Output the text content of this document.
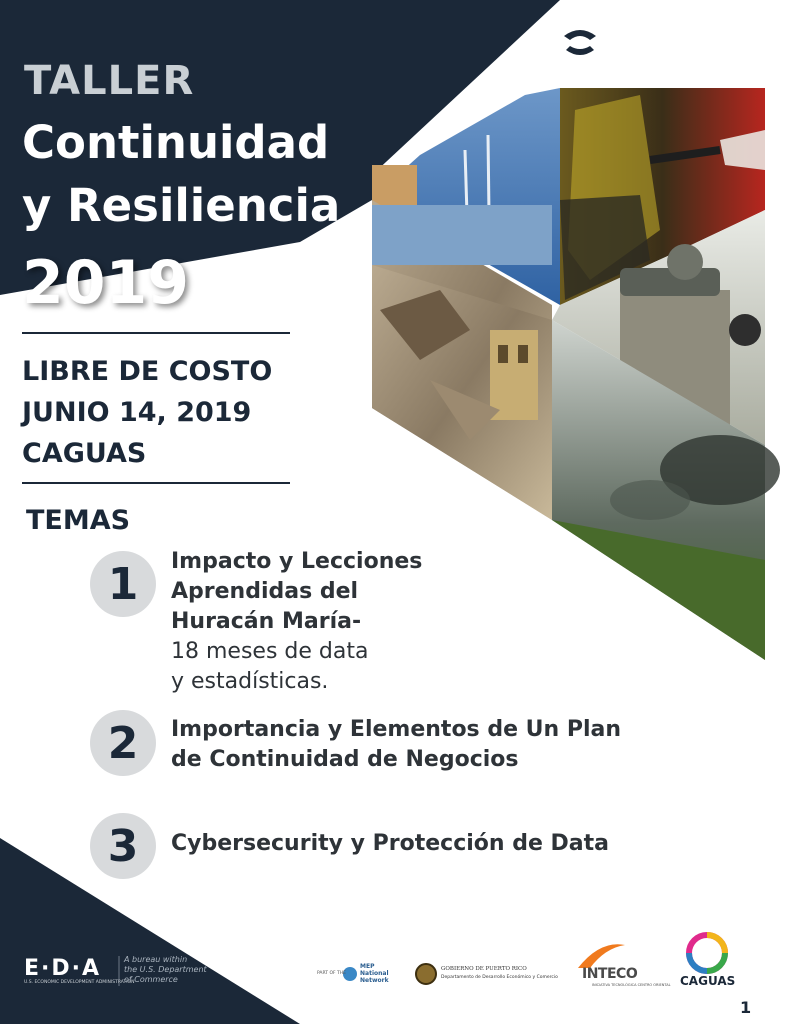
PRiMEX
PUERTO RICO MANUFACTURING EXTENSION
TALLER
Continuidad
y Resiliencia
2019
LIBRE DE COSTO
JUNIO 14, 2019
CAGUAS
TEMAS
1	Impacto y Lecciones
Aprendidas del
Huracán María-
18 meses de data
y estadísticas.
2	Importancia y Elementos de Un Plan
de Continuidad de Negocios
3	Cybersecurity y Protección de Data
E·D·A
U.S. ECONOMIC DEVELOPMENT ADMINISTRATION
A bureau within
the U.S. Department
of Commerce
PART OF THE
MEP
National
Network
GOBIERNO DE PUERTO RICO
Departamento de Desarrollo Económico y Comercio INTECO
INICIATIVA TECNOLÓGICA CENTRO ORIENTAL CAGUAS
1
